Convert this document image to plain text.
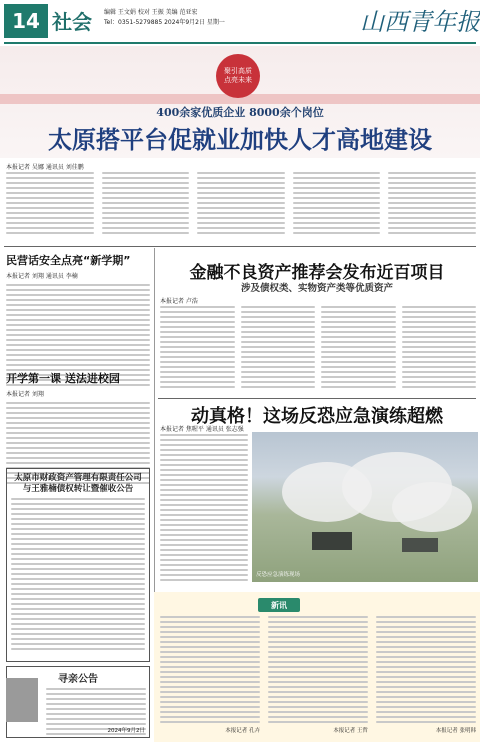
14 社会 编辑 王文娟 校对 王振 美编 范亚宏
Tel：0351-5279885 2024年9月2日 星期一	山西青年报
聚引高质
点亮未来
400余家优质企业 8000余个岗位
太原搭平台促就业加快人才高地建设
本报记者 吴娜 通讯员 刘佳鹏
民营话安全点亮“新学期”
本报记者 刘翔 通讯员 李楠
开学第一课 送法进校园
本报记者 刘翔
太原市财政资产管理有限责任公司与王雅楠债权转让暨催收公告
寻亲公告
2024年9月2日
金融不良资产推荐会发布近百项目
涉及债权类、实物资产类等优质资产
本报记者 卢浩
动真格！这场反恐应急演练超燃
本报记者 焦喔平 通讯员 张志强
反恐应急演练现场
新讯
本报记者 孔卉	本报记者 王哲	本报记者 张明韩
